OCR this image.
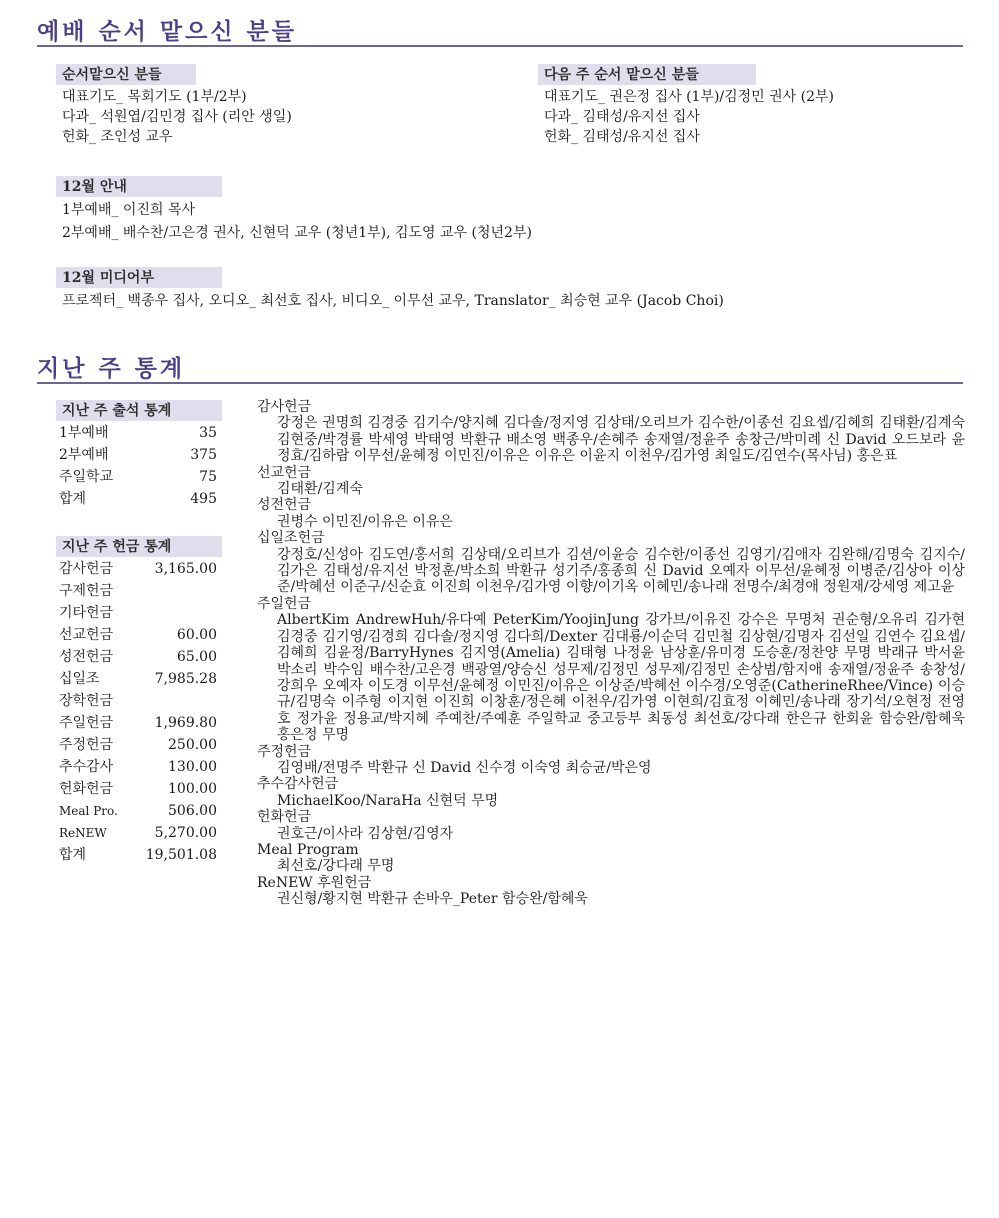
예배 순서 맡으신 분들
순서맡으신 분들
대표기도_ 목회기도 (1부/2부)
다과_ 석원엽/김민경 집사 (리안 생일)
헌화_ 조인성 교우
다음 주 순서 맡으신 분들
대표기도_ 권은정 집사 (1부)/김정민 권사 (2부)
다과_ 김태성/유지선 집사
헌화_ 김태성/유지선 집사
12월 안내
1부예배_ 이진희 목사
2부예배_ 배수찬/고은경 권사, 신현덕 교우 (청년1부), 김도영 교우 (청년2부)
12월 미디어부
프로젝터_ 백종우 집사, 오디오_ 최선호 집사, 비디오_ 이무선 교우, Translator_ 최승현 교우 (Jacob Choi)
지난 주 통계
지난 주 출석 통계
1부예배	35
2부예배	375
주일학교	75
합계	495
지난 주 헌금 통계
감사헌금	3,165.00
구제헌금
기타헌금
선교헌금	60.00
성전헌금	65.00
십일조	7,985.28
장학헌금
주일헌금	1,969.80
주정헌금	250.00
추수감사	130.00
헌화헌금	100.00
Meal Pro.	506.00
ReNEW	5,270.00
합계	19,501.08
감사헌금
강정은 권명희 김경중 김기수/양지혜 김다솔/정지영 김상태/오리브가 김수한/이종선 김요셉/김혜희 김태환/김계숙 김현중/박경률 박세영 박태영 박환규 배소영 백종우/손혜주 송재열/정윤주 송창근/박미례 신 David 오드보라 윤정효/김하람 이무선/윤혜정 이민진/이유은 이유은 이윤지 이천우/김가영 최일도/김연수(목사님) 홍은표
선교헌금
김태환/김계숙
성전헌금
권병수 이민진/이유은 이유은
십일조헌금
강정호/신성아 김도연/홍서희 김상태/오리브가 김션/이윤승 김수한/이종선 김영기/김애자 김완해/김명숙 김지수/김가은 김태성/유지선 박정훈/박소희 박환규 성기주/홍종희 신 David 오예자 이무선/윤혜정 이병준/김상아 이상준/박혜선 이준구/신순효 이진희 이천우/김가영 이향/이기옥 이혜민/송나래 전명수/최경애 정원재/강세영 제고윤
주일헌금
AlbertKim AndrewHuh/유다예 PeterKim/YoojinJung 강가브/이유진 강수은 무명처 권순형/오유리 김가현 김경중 김기영/김경희 김다솔/정지영 김다희/Dexter 김대룡/이순덕 김민철 김상현/김명자 김선일 김연수 김요셉/김혜희 김윤정/BarryHynes 김지영(Amelia) 김태형 나정윤 남상훈/유미경 도승훈/정찬양 무명 박래규 박서윤 박소리 박수임 배수찬/고은경 백광열/양승신 성무제/김정민 성무제/김정민 손상범/함지애 송재열/정윤주 송창성/강희우 오예자 이도경 이무선/윤혜정 이민진/이유은 이상준/박혜선 이수경/오영준(CatherineRhee/Vince) 이승규/김명숙 이주형 이지현 이진희 이창훈/정은혜 이천우/김가영 이현희/김효정 이혜민/송나래 장기석/오현정 전영호 정가윤 정용교/박지혜 주예찬/주예훈 주일학교 중고등부 최동성 최선호/강다래 한은규 한회윤 함승완/함혜욱 홍은정 무명
주정헌금
김영배/전명주 박환규 신 David 신수경 이숙영 최승균/박은영
추수감사헌금
MichaelKoo/NaraHa 신현덕 무명
헌화헌금
권호근/이사라 김상현/김영자
Meal Program
최선호/강다래 무명
ReNEW 후원헌금
권신형/황지현 박환규 손바우_Peter 함승완/함혜욱
